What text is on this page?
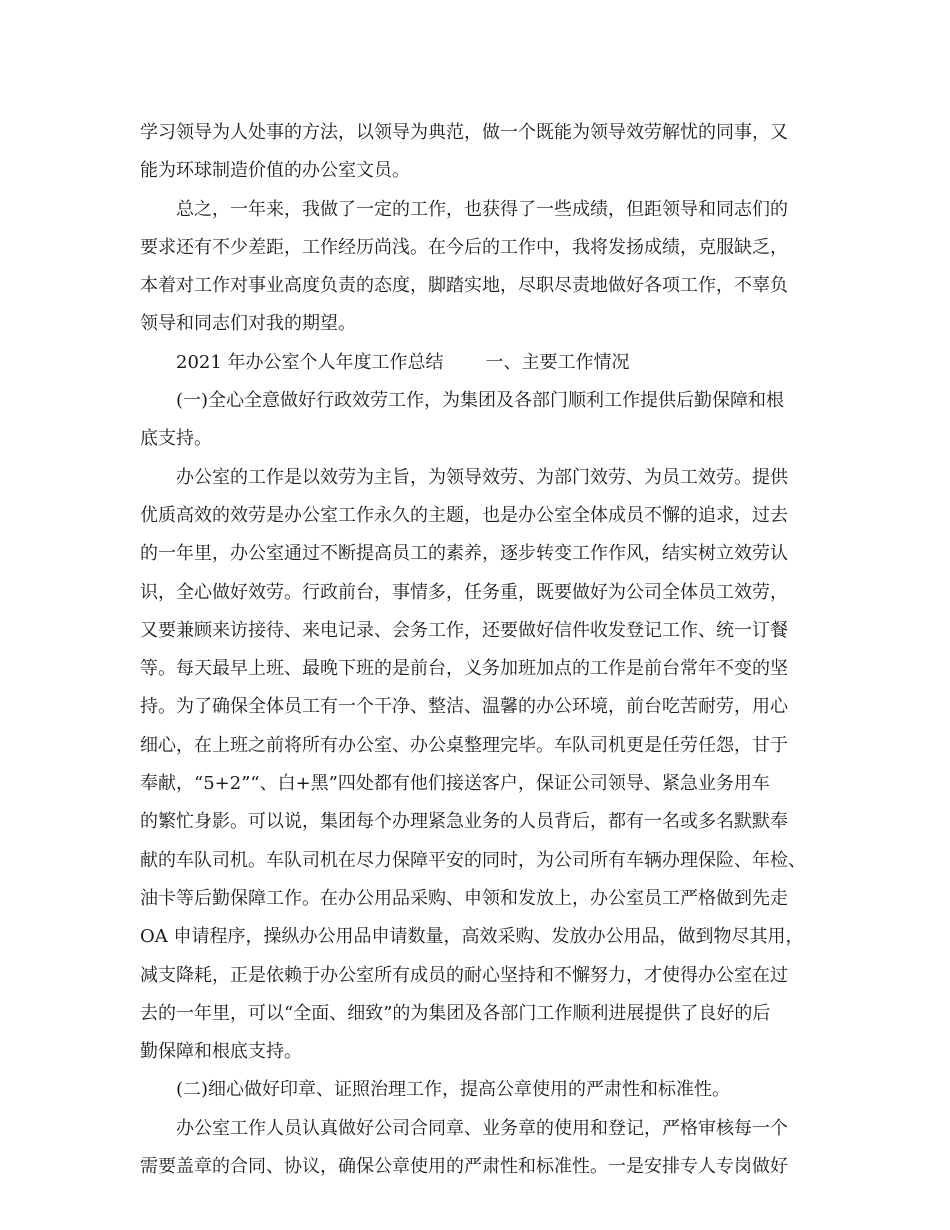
学习领导为人处事的方法，以领导为典范，做一个既能为领导效劳解忧的同事，又

能为环球制造价值的办公室文员。

总之，一年来，我做了一定的工作，也获得了一些成绩，但距领导和同志们的

要求还有不少差距，工作经历尚浅。在今后的工作中，我将发扬成绩，克服缺乏，

本着对工作对事业高度负责的态度，脚踏实地，尽职尽责地做好各项工作，不辜负

领导和同志们对我的期望。

2021 年办公室个人年度工作总结 一、主要工作情况

(一)全心全意做好行政效劳工作，为集团及各部门顺利工作提供后勤保障和根

底支持。

办公室的工作是以效劳为主旨，为领导效劳、为部门效劳、为员工效劳。提供

优质高效的效劳是办公室工作永久的主题，也是办公室全体成员不懈的追求，过去

的一年里，办公室通过不断提高员工的素养，逐步转变工作作风，结实树立效劳认

识，全心做好效劳。行政前台，事情多，任务重，既要做好为公司全体员工效劳，

又要兼顾来访接待、来电记录、会务工作，还要做好信件收发登记工作、统一订餐

等。每天最早上班、最晚下班的是前台，义务加班加点的工作是前台常年不变的坚

持。为了确保全体员工有一个干净、整洁、温馨的办公环境，前台吃苦耐劳，用心

细心，在上班之前将所有办公室、办公桌整理完毕。车队司机更是任劳任怨，甘于

奉献，“5+2”“、白+黑”四处都有他们接送客户，保证公司领导、紧急业务用车

的繁忙身影。可以说，集团每个办理紧急业务的人员背后，都有一名或多名默默奉

献的车队司机。车队司机在尽力保障平安的同时，为公司所有车辆办理保险、年检、

油卡等后勤保障工作。在办公用品采购、申领和发放上，办公室员工严格做到先走

OA 申请程序，操纵办公用品申请数量，高效采购、发放办公用品，做到物尽其用，

减支降耗，正是依赖于办公室所有成员的耐心坚持和不懈努力，才使得办公室在过

去的一年里，可以“全面、细致”的为集团及各部门工作顺利进展提供了良好的后

勤保障和根底支持。

(二)细心做好印章、证照治理工作，提高公章使用的严肃性和标准性。

办公室工作人员认真做好公司合同章、业务章的使用和登记，严格审核每一个

需要盖章的合同、协议，确保公章使用的严肃性和标准性。一是安排专人专岗做好
